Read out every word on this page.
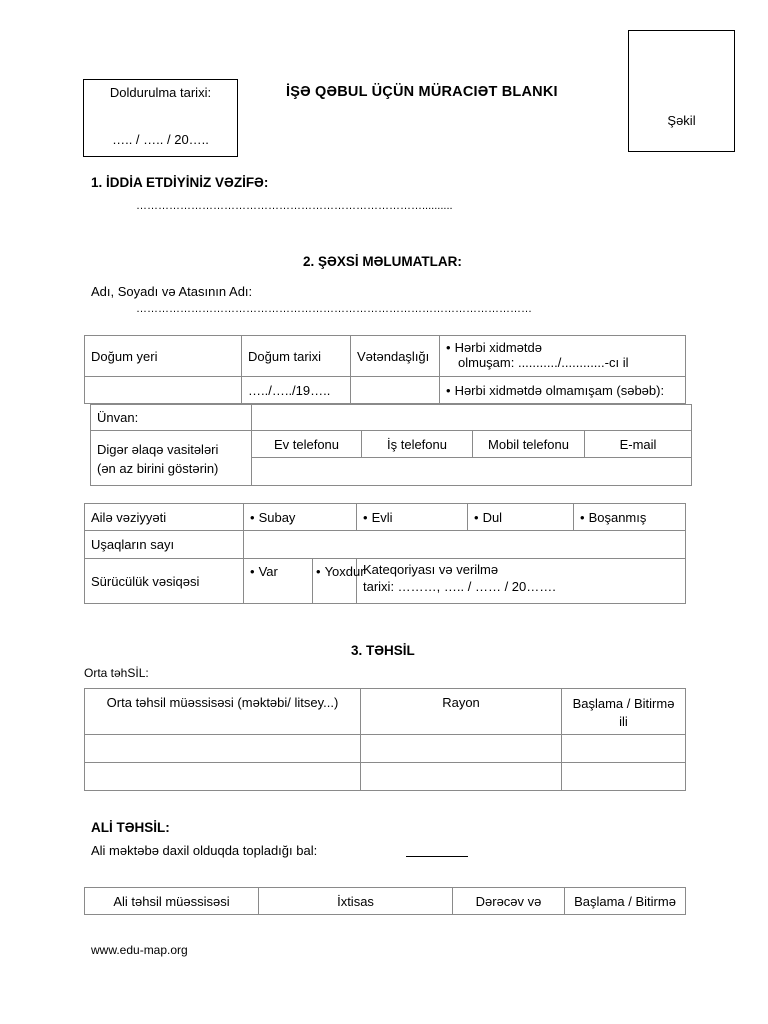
Doldurulma tarixi:
….. / ….. / 20…..
İŞƏ QƏBUL ÜÇÜN MÜRACIƏT BLANKI
Şəkil
1. İDDİA ETDİYİNİZ VƏZİFƏ:
……………………………………………………………………..........
2. ŞƏXSİ MƏLUMATLAR:
Adı, Soyadı və Atasının Adı:
………………………………………………………………………………………………
Doğum yeri	Doğum tarixi	Vətəndaşlığı	• Hərbi xidmətdə
olmuşam: .........../............-cı il

	…../…../19…..		• Hərbi xidmətdə olmamışam (səbəb):
Ünvan:				

Digər əlaqə vasitələri
(ən az birini göstərin)	Ev telefonu	İş telefonu	Mobil telefonu	E-mail

Ailə vəziyyəti	• Subay		• Evli	• Dul	• Boşanmış
Uşaqların sayı					
Sürücülük vəsiqəsi	• Var	• Yoxdur	Kateqoriyası və verilmə
tarixi: ………, ….. / …… / 20…….		
3. TƏHSİL
Orta təhSİL:
Orta təhsil müəssisəsi (məktəbi/ litsey...)	Rayon	Başlama / Bitirmə
ili

ALİ TƏHSİL:
Ali məktəbə daxil olduqda topladığı bal:
Ali təhsil müəssisəsi	İxtisas	Dərəcəv və	Başlama / Bitirmə
www.edu-map.org
